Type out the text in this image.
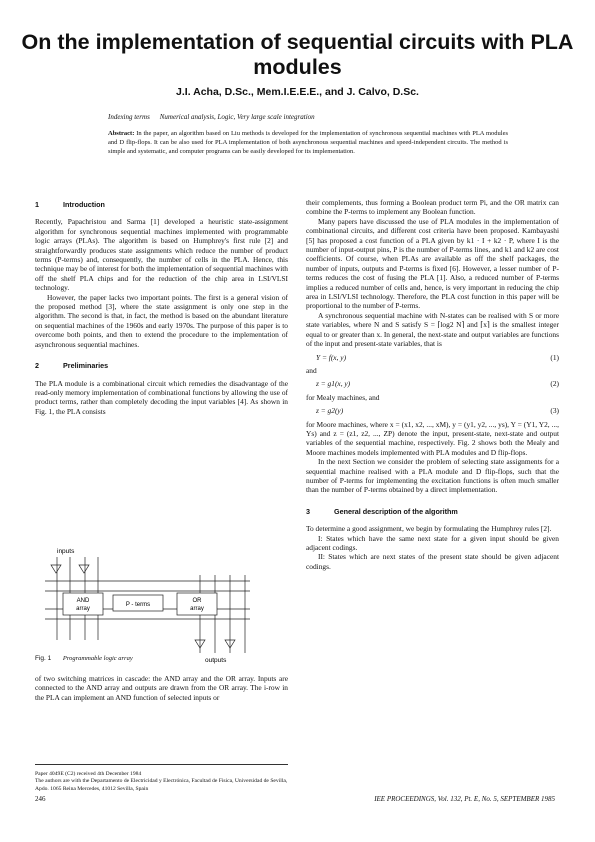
On the implementation of sequential circuits with PLA modules
J.I. Acha, D.Sc., Mem.I.E.E.E., and J. Calvo, D.Sc.
Indexing terms Numerical analysis, Logic, Very large scale integration
Abstract: In the paper, an algorithm based on Liu methods is developed for the implementation of synchronous sequential machines with PLA modules and D flip-flops. It can be also used for PLA implementation of both asynchronous sequential machines and speed-independent circuits. The method is simple and systematic, and computer programs can be easily developed for its implementation.
1	Introduction

Recently, Papachristou and Sarma [1] developed a heuristic state-assignment algorithm for synchronous sequential machines implemented with programmable logic arrays (PLAs). The algorithm is based on Humphrey's first rule [2] and straightforwardly produces state assignments which reduce the number of product terms (P-terms) and, consequently, the number of cells in the PLA. Hence, this technique may be of interest for both the implementation of sequential machines with off the shelf PLA chips and for the reduction of the chip area in LSI/VLSI technology.

However, the paper lacks two important points. The first is a general vision of the proposed method [3], where the state assignment is only one step in the algorithm. The second is that, in fact, the method is based on the abundant literature on sequential machines of the 1960s and early 1970s. The purpose of this paper is to overcome both points, and then to extend the procedure to the implementation of asynchronous sequential machines.

2	Preliminaries

The PLA module is a combinational circuit which remedies the disadvantage of the read-only memory implementation of combinational functions by allowing the use of product terms, rather than completely decoding the input variables [4]. As shown in Fig. 1, the PLA consists

inputs
AND
array
P - terms
OR
array
outputs
Fig. 1 Programmable logic array

of two switching matrices in cascade: the AND array and the OR array. Inputs are connected to the AND array and outputs are drawn from the OR array. The i-row in the PLA can implement an AND function of selected inputs or

Paper 4049E (C2) received 4th December 1984
The authors are with the Departamento de Electricidad y Electrónica, Facultad de Fisica, Universidad de Sevilla, Apdo. 1065 Reina Mercedes, 41012 Sevilla, Spain

their complements, thus forming a Boolean product term Pi, and the OR matrix can combine the P-terms to implement any Boolean function.

Many papers have discussed the use of PLA modules in the implementation of combinational circuits, and different cost criteria have been proposed. Kambayashi [5] has proposed a cost function of a PLA given by k1 · I + k2 · P, where I is the number of input-output pins, P is the number of P-terms lines, and k1 and k2 are cost coefficients. Of course, when PLAs are available as off the shelf packages, the number of inputs, outputs and P-terms is fixed [6]. However, a lesser number of P-terms reduces the cost of fusing the PLA [1]. Also, a reduced number of P-terms implies a reduced number of cells and, hence, is very important in reducing the chip area in LSI/VLSI technology. Therefore, the PLA cost function in this paper will be proportional to the number of P-terms.

A synchronous sequential machine with N-states can be realised with S or more state variables, where N and S satisfy S = ⌈log2 N⌉ and ⌈x⌉ is the smallest integer equal to or greater than x. In general, the next-state and output variables are functions of the input and present-state variables, that is

Y = f(x, y)	(1)

and

z = g1(x, y)	(2)

for Mealy machines, and

z = g2(y)	(3)

for Moore machines, where x = (x1, x2, ..., xM), y = (y1, y2, ..., ys), Y = (Y1, Y2, ..., Ys) and z = (z1, z2, ..., ZP) denote the input, present-state, next-state and output variables of the sequential machine, respectively. Fig. 2 shows both the Mealy and Moore machines models implemented with PLA modules and D flip-flops.

In the next Section we consider the problem of selecting state assignments for a sequential machine realised with a PLA module and D flip-flops, such that the number of P-terms for implementing the excitation functions is often much smaller than the number of P-terms obtained by a direct implementation.

3	General description of the algorithm

To determine a good assignment, we begin by formulating the Humphrey rules [2].

I: States which have the same next state for a given input should be given adjacent codings.

II: States which are next states of the present state should be given adjacent codings.

246	IEE PROCEEDINGS, Vol. 132, Pt. E, No. 5, SEPTEMBER 1985
